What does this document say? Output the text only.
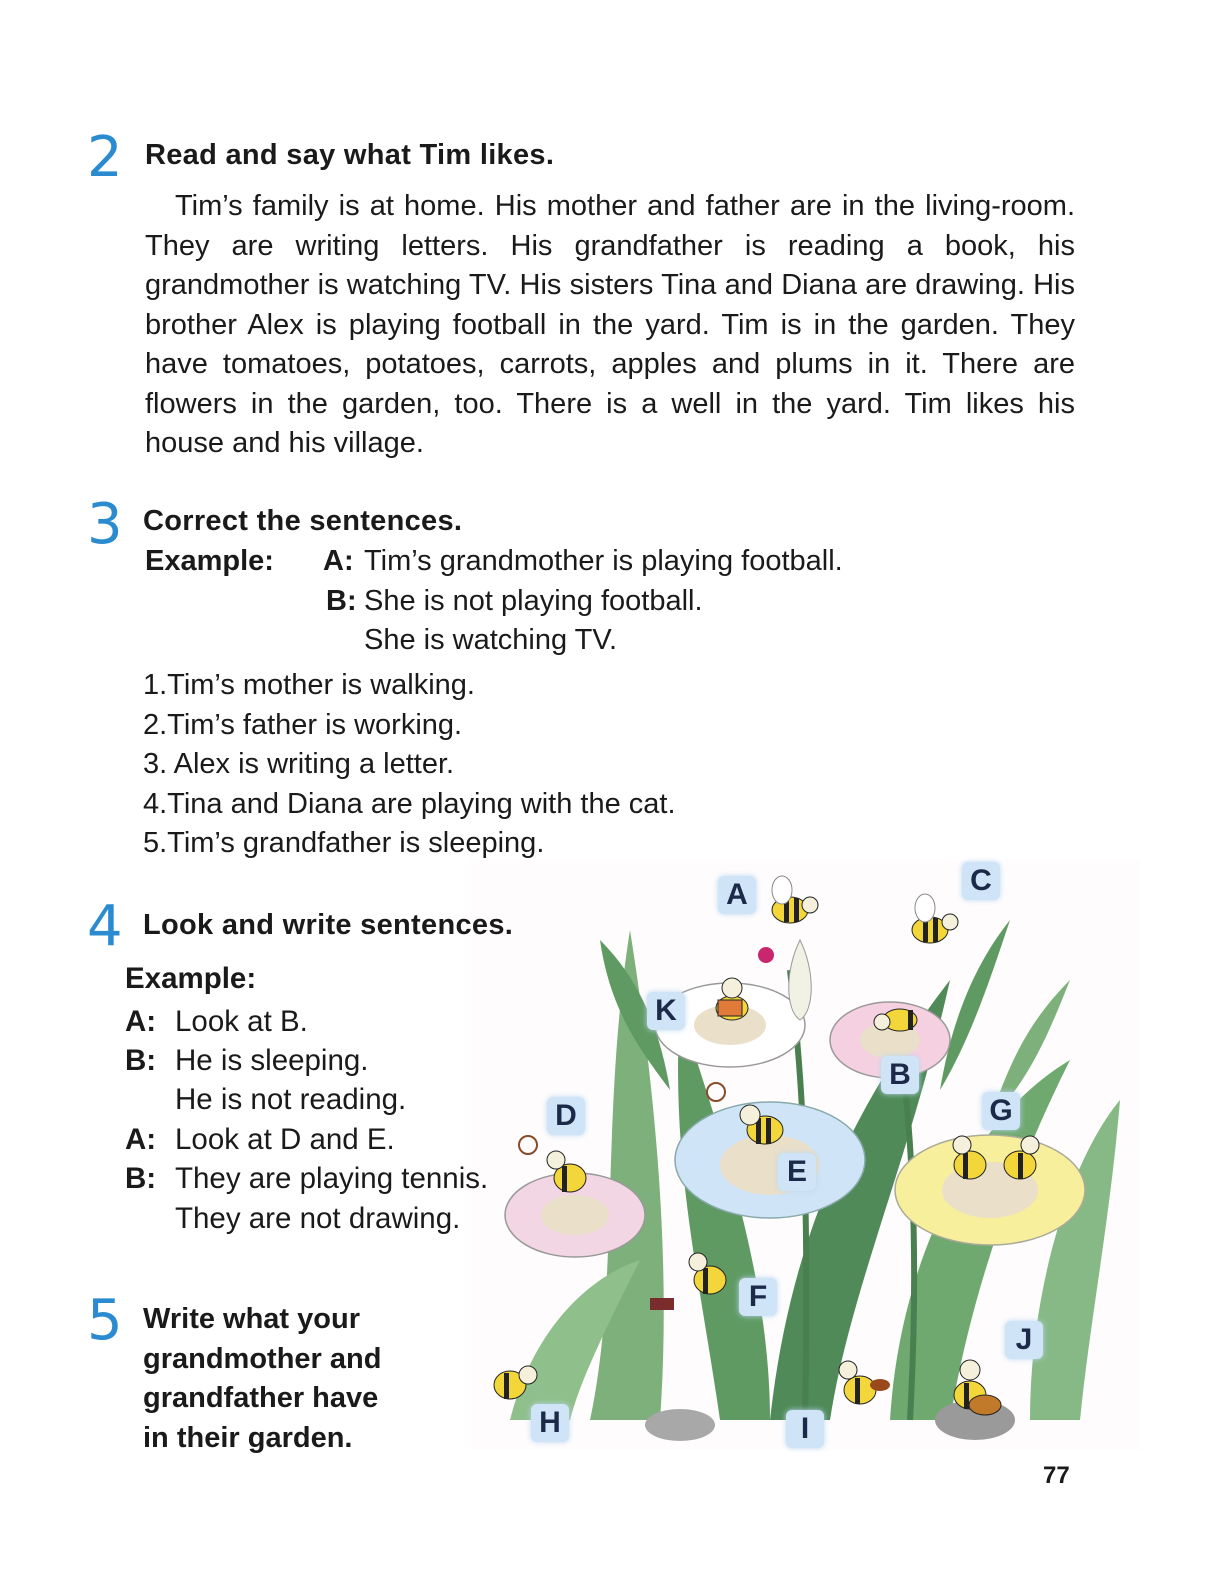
2 Read and say what Tim likes.

Tim’s family is at home. His mother and father are in the living-room. They are writing letters. His grandfather is reading a book, his grandmother is watching TV. His sisters Tina and Diana are drawing. His brother Alex is playing football in the yard. Tim is in the garden. They have tomatoes, potatoes, carrots, apples and plums in it. There are flowers in the garden, too. There is a well in the yard. Tim likes his house and his village.

3 Correct the sentences.
Example: A: Tim’s grandmother is playing football.
B: She is not playing football.
She is watching TV.
1.Tim’s mother is walking.
2.Tim’s father is working.
3. Alex is writing a letter.
4.Tina and Diana are playing with the cat.
5.Tim’s grandfather is sleeping.
A
B
C
D
E
F
G
H	I
J
K
4 Look and write sentences.
Example:
A: Look at B.
B: He is sleeping.
He is not reading.
A: Look at D and E.
B: They are playing tennis.
They are not drawing.
5 Write what your
grandmother and
grandfather have
in their garden.
77
